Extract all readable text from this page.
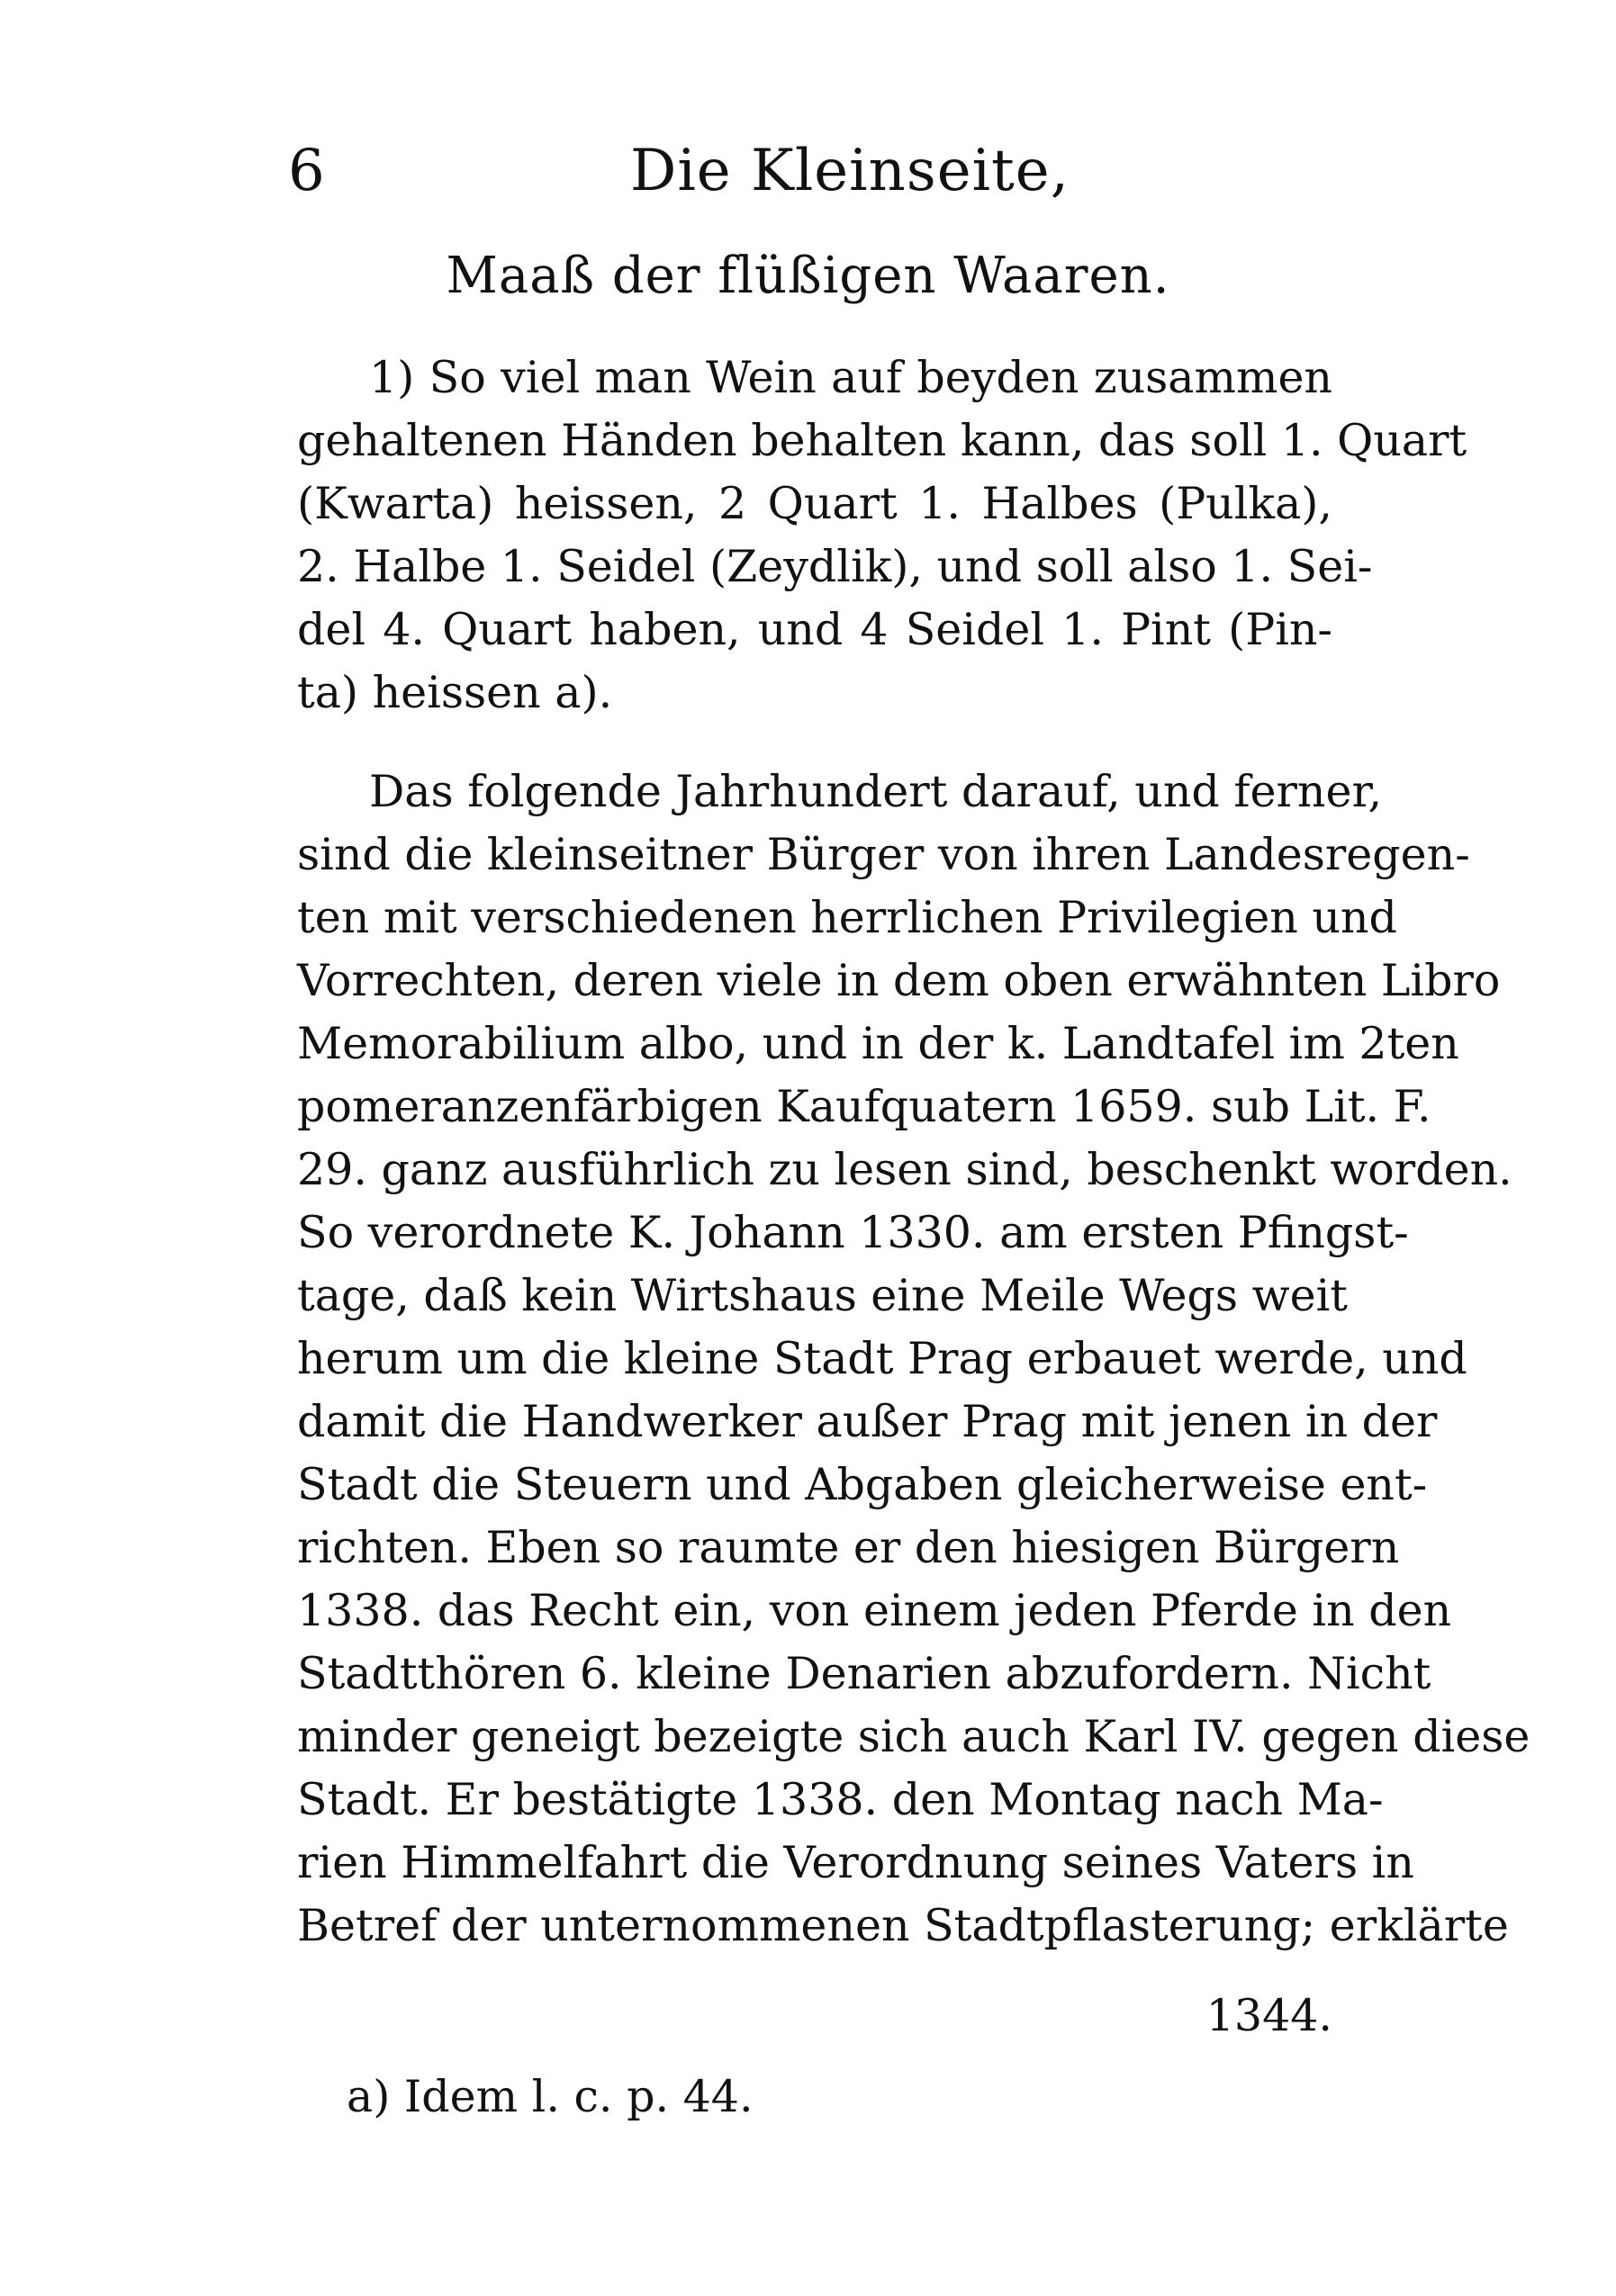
6	Die Kleinseite,
Maaß der flüßigen Waaren.
1) So viel man Wein auf beyden zusammen
gehaltenen Händen behalten kann, das soll 1. Quart
(Kwarta) heissen, 2 Quart 1. Halbes (Pulka),
2. Halbe 1. Seidel (Zeydlik), und soll also 1. Sei-
del 4. Quart haben, und 4 Seidel 1. Pint (Pin-
ta) heissen a).
Das folgende Jahrhundert darauf, und ferner,
sind die kleinseitner Bürger von ihren Landesregen-
ten mit verschiedenen herrlichen Privilegien und
Vorrechten, deren viele in dem oben erwähnten Libro
Memorabilium albo, und in der k. Landtafel im 2ten
pomeranzenfärbigen Kaufquatern 1659. sub Lit. F.
29. ganz ausführlich zu lesen sind, beschenkt worden.
So verordnete K. Johann 1330. am ersten Pfingst-
tage, daß kein Wirtshaus eine Meile Wegs weit
herum um die kleine Stadt Prag erbauet werde, und
damit die Handwerker außer Prag mit jenen in der
Stadt die Steuern und Abgaben gleicherweise ent-
richten. Eben so raumte er den hiesigen Bürgern
1338. das Recht ein, von einem jeden Pferde in den
Stadtthören 6. kleine Denarien abzufordern. Nicht
minder geneigt bezeigte sich auch Karl IV. gegen diese
Stadt. Er bestätigte 1338. den Montag nach Ma-
rien Himmelfahrt die Verordnung seines Vaters in
Betref der unternommenen Stadtpflasterung; erklärte
1344.
a) Idem l. c. p. 44.
